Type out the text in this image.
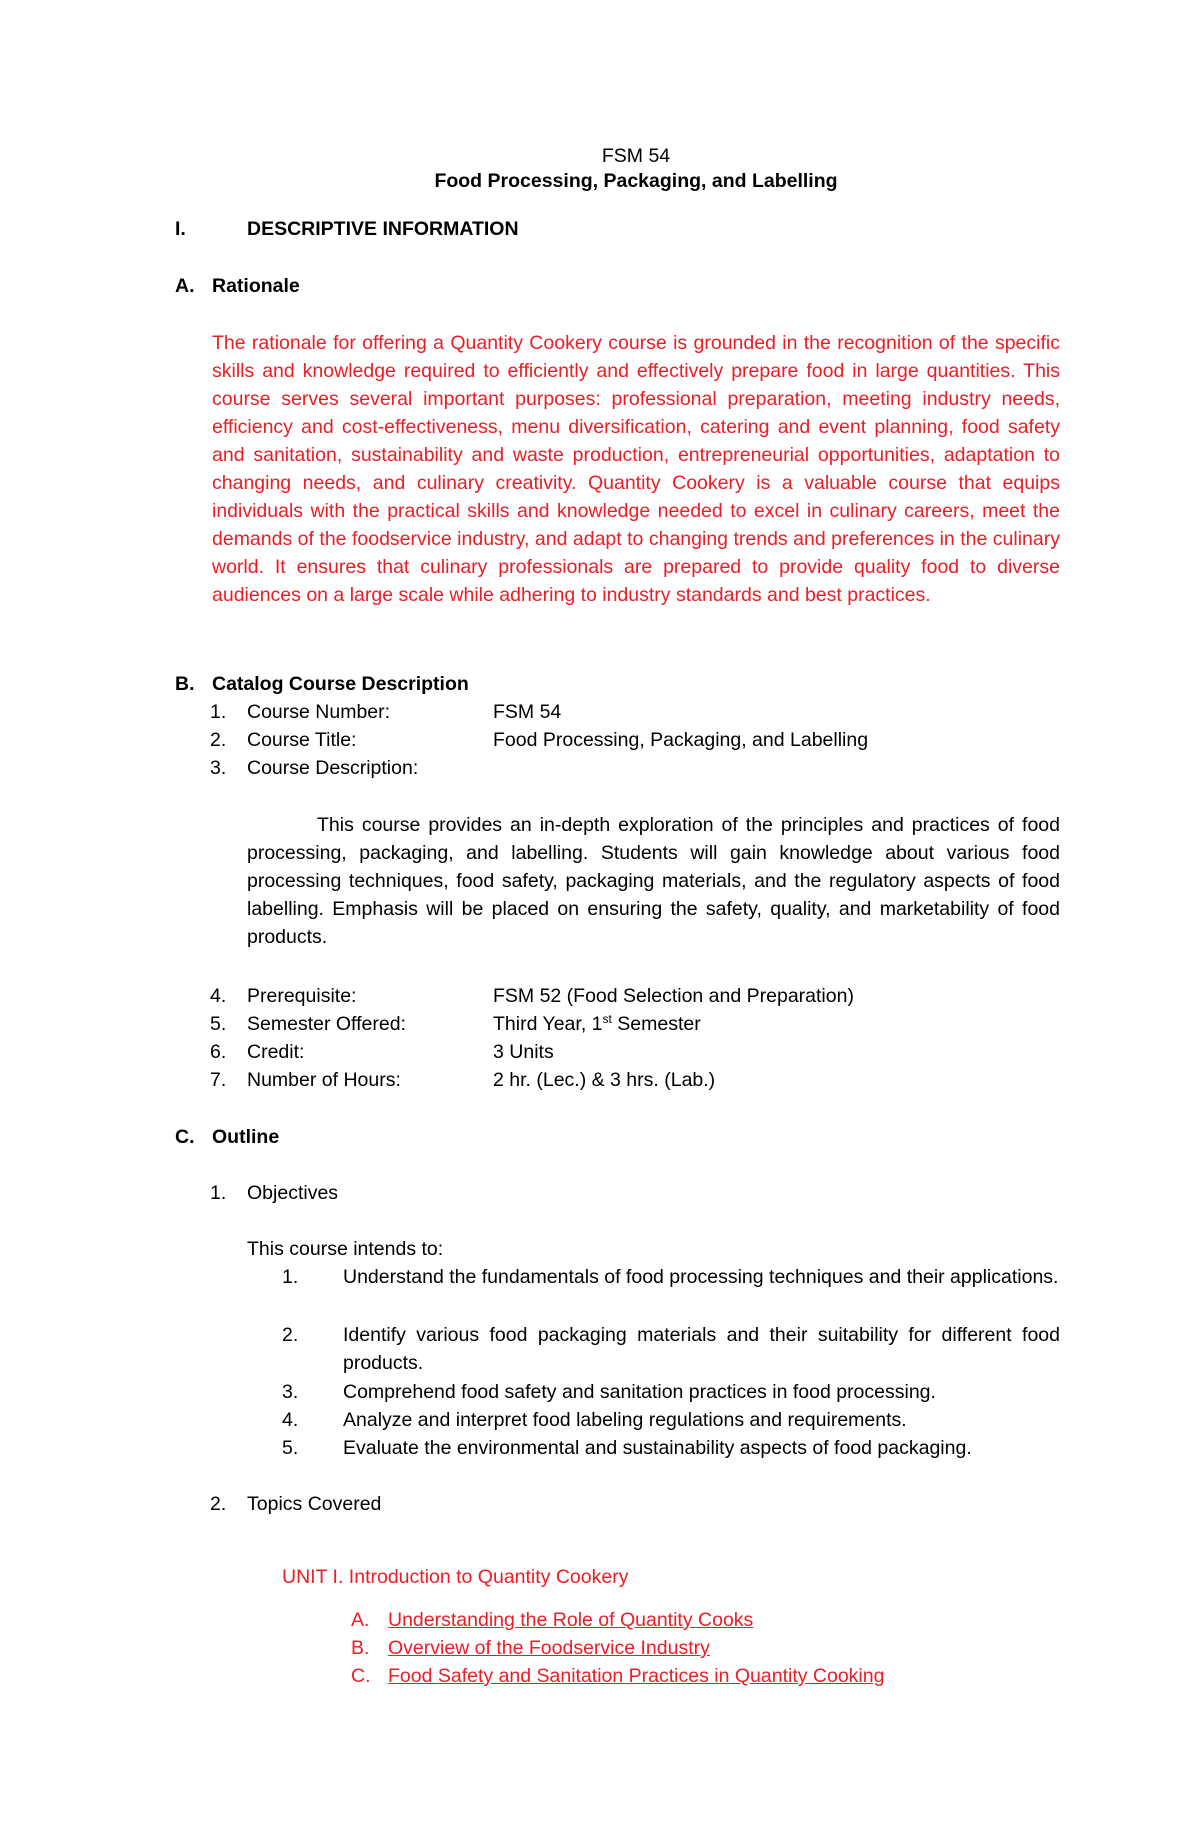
FSM 54
Food Processing, Packaging, and Labelling
I.	DESCRIPTIVE INFORMATION
A. Rationale
The rationale for offering a Quantity Cookery course is grounded in the recognition of the specific skills and knowledge required to efficiently and effectively prepare food in large quantities. This course serves several important purposes: professional preparation, meeting industry needs, efficiency and cost-effectiveness, menu diversification, catering and event planning, food safety and sanitation, sustainability and waste production, entrepreneurial opportunities, adaptation to changing needs, and culinary creativity. Quantity Cookery is a valuable course that equips individuals with the practical skills and knowledge needed to excel in culinary careers, meet the demands of the foodservice industry, and adapt to changing trends and preferences in the culinary world. It ensures that culinary professionals are prepared to provide quality food to diverse audiences on a large scale while adhering to industry standards and best practices.
B. Catalog Course Description
1. Course Number:	FSM 54
2. Course Title:	Food Processing, Packaging, and Labelling
3. Course Description:
This course provides an in-depth exploration of the principles and practices of food processing, packaging, and labelling. Students will gain knowledge about various food processing techniques, food safety, packaging materials, and the regulatory aspects of food labelling. Emphasis will be placed on ensuring the safety, quality, and marketability of food products.
4. Prerequisite:	FSM 52 (Food Selection and Preparation)
5. Semester Offered:	Third Year, 1st Semester
6. Credit:	3 Units
7. Number of Hours:	2 hr. (Lec.) & 3 hrs. (Lab.)
C. Outline
1. Objectives
This course intends to:
1. Understand the fundamentals of food processing techniques and their applications.
2. Identify various food packaging materials and their suitability for different food products.
3. Comprehend food safety and sanitation practices in food processing.
4. Analyze and interpret food labeling regulations and requirements.
5. Evaluate the environmental and sustainability aspects of food packaging.
2. Topics Covered
UNIT I. Introduction to Quantity Cookery
A. Understanding the Role of Quantity Cooks
B. Overview of the Foodservice Industry
C. Food Safety and Sanitation Practices in Quantity Cooking
